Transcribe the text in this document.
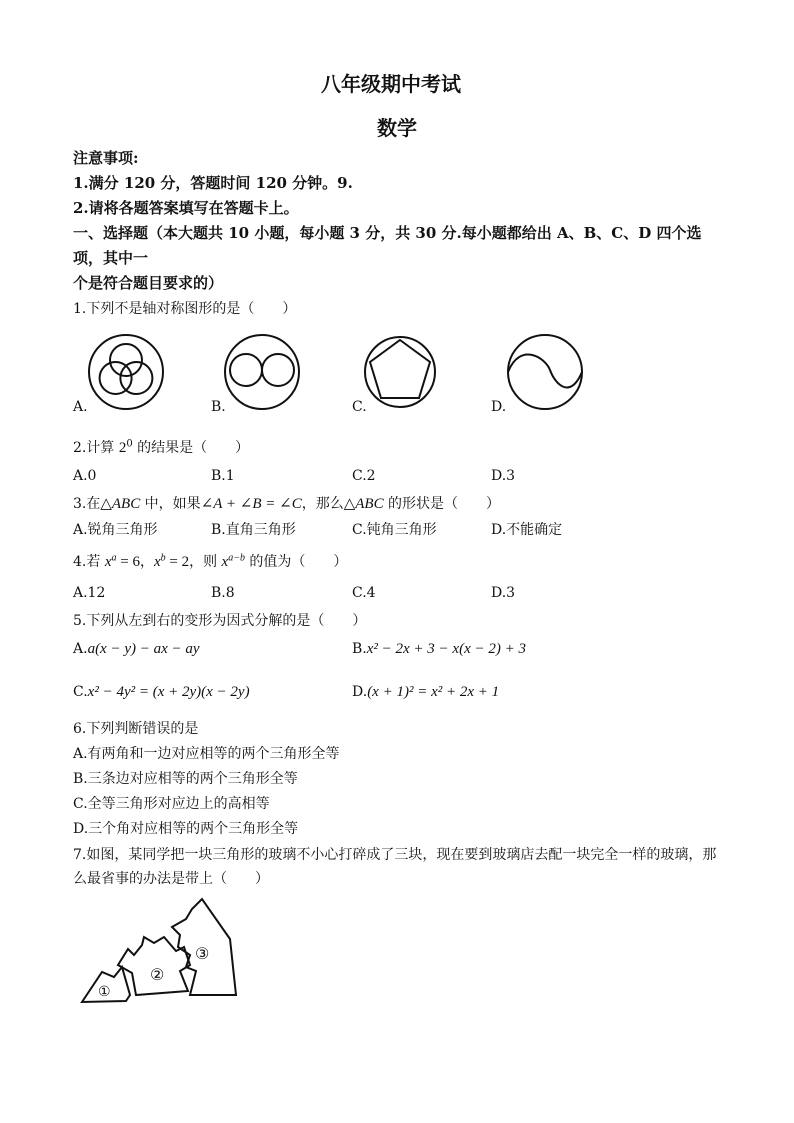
八年级期中考试
数学
注意事项:
1.满分 120 分，答题时间 120 分钟。9.
2.请将各题答案填写在答题卡上。
一、选择题（本大题共 10 小题，每小题 3 分，共 30 分.每小题都给出 A、B、C、D 四个选
项，其中一
个是符合题目要求的）
1.下列不是轴对称图形的是（　　）
A.	B.	C.	D.
2.计算 $2^0$ 的结果是（　　）
A.0	B.1	C.2	D.3
3.在△ABC 中，如果∠A + ∠B = ∠C，那么△ABC 的形状是（　　）
A.锐角三角形	B.直角三角形	C.钝角三角形	D.不能确定
4.若 $x^a = 6$，$x^b = 2$，则 $x^{a-b}$ 的值为（　　）
A.12	B.8	C.4	D.3
5.下列从左到右的变形为因式分解的是（　　）
A.a(x − y) − ax − ay	B.x² − 2x + 3 − x(x − 2) + 3
C.x² − 4y² = (x + 2y)(x − 2y)	D.(x + 1)² = x² + 2x + 1
6.下列判断错误的是
A.有两角和一边对应相等的两个三角形全等
B.三条边对应相等的两个三角形全等
C.全等三角形对应边上的高相等
D.三个角对应相等的两个三角形全等
7.如图，某同学把一块三角形的玻璃不小心打碎成了三块，现在要到玻璃店去配一块完全一样的玻璃，那
么最省事的办法是带上（　　）
①
②
③
